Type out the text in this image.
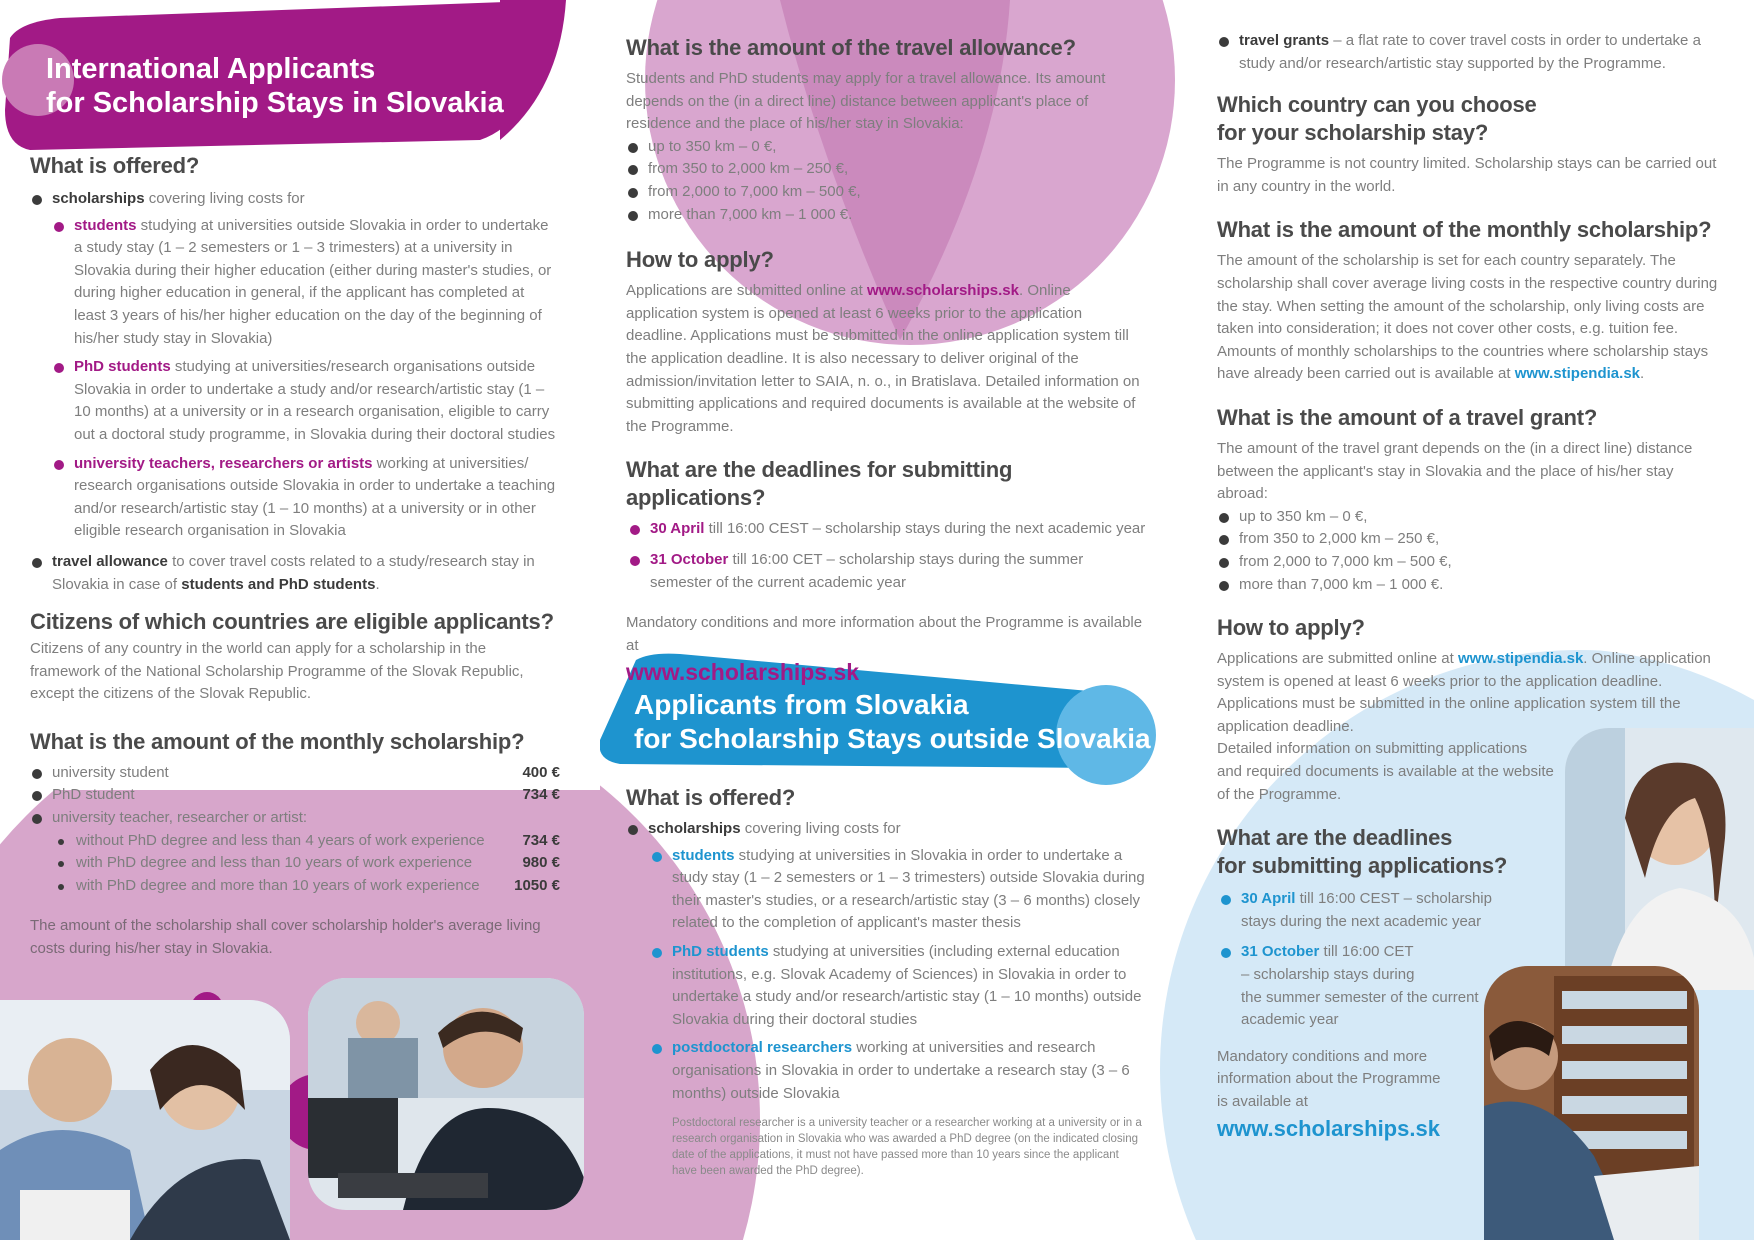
International Applicants
for Scholarship Stays in Slovakia
What is offered?
scholarships covering living costs for
students studying at universities outside Slovakia in order to undertake a study stay (1 – 2 semesters or 1 – 3 trimesters) at a university in Slovakia during their higher education (either during master's studies, or during higher education in general, if the applicant has completed at least 3 years of his/her higher education on the day of the beginning of his/her study stay in Slovakia)
PhD students studying at universities/research organisations outside Slovakia in order to undertake a study and/or research/artistic stay (1 – 10 months) at a university or in a research organisation, eligible to carry out a doctoral study programme, in Slovakia during their doctoral studies
university teachers, researchers or artists working at universities/ research organisations outside Slovakia in order to undertake a teaching and/or research/artistic stay (1 – 10 months) at a university or in other eligible research organisation in Slovakia
travel allowance to cover travel costs related to a study/research stay in Slovakia in case of students and PhD students.
Citizens of which countries are eligible applicants?

Citizens of any country in the world can apply for a scholarship in the framework of the National Scholarship Programme of the Slovak Republic, except the citizens of the Slovak Republic.

What is the amount of the monthly scholarship?
university student	400 €
PhD student	734 €
university teacher, researcher or artist:
without PhD degree and less than 4 years of work experience	734 €
with PhD degree and less than 10 years of work experience	980 €
with PhD degree and more than 10 years of work experience 1050 €

The amount of the scholarship shall cover scholarship holder's average living costs during his/her stay in Slovakia.

What is the amount of the travel allowance?

Students and PhD students may apply for a travel allowance. Its amount depends on the (in a direct line) distance between applicant's place of residence and the place of his/her stay in Slovakia:

up to 350 km – 0 €,
from 350 to 2,000 km – 250 €,
from 2,000 to 7,000 km – 500 €,
more than 7,000 km – 1 000 €.
How to apply?

Applications are submitted online at www.scholarships.sk. Online application system is opened at least 6 weeks prior to the application deadline. Applications must be submitted in the online application system till the application deadline. It is also necessary to deliver original of the admission/invitation letter to SAIA, n. o., in Bratislava. Detailed information on submitting applications and required documents is available at the website of the Programme.

What are the deadlines for submitting applications?
30 April till 16:00 CEST – scholarship stays during the next academic year
31 October till 16:00 CET – scholarship stays during the summer semester of the current academic year

Mandatory conditions and more information about the Programme is available at

www.scholarships.sk
Applicants from Slovakia
for Scholarship Stays outside Slovakia
What is offered?
scholarships covering living costs for
students studying at universities in Slovakia in order to undertake a study stay (1 – 2 semesters or 1 – 3 trimesters) outside Slovakia during their master's studies, or a research/artistic stay (3 – 6 months) closely related to the completion of applicant's master thesis
PhD students studying at universities (including external education institutions, e.g. Slovak Academy of Sciences) in Slovakia in order to undertake a study and/or research/artistic stay (1 – 10 months) outside Slovakia during their doctoral studies
postdoctoral researchers working at universities and research organisations in Slovakia in order to undertake a research stay (3 – 6 months) outside Slovakia

Postdoctoral researcher is a university teacher or a researcher working at a university or in a research organisation in Slovakia who was awarded a PhD degree (on the indicated closing date of the applications, it must not have passed more than 10 years since the applicant have been awarded the PhD degree).

travel grants – a flat rate to cover travel costs in order to undertake a study and/or research/artistic stay supported by the Programme.
Which country can you choose
for your scholarship stay?

The Programme is not country limited. Scholarship stays can be carried out in any country in the world.

What is the amount of the monthly scholarship?

The amount of the scholarship is set for each country separately. The scholarship shall cover average living costs in the respective country during the stay. When setting the amount of the scholarship, only living costs are taken into consideration; it does not cover other costs, e.g. tuition fee. Amounts of monthly scholarships to the countries where scholarship stays have already been carried out is available at www.stipendia.sk.

What is the amount of a travel grant?

The amount of the travel grant depends on the (in a direct line) distance between the applicant's stay in Slovakia and the place of his/her stay abroad:

up to 350 km – 0 €,
from 350 to 2,000 km – 250 €,
from 2,000 to 7,000 km – 500 €,
more than 7,000 km – 1 000 €.
How to apply?

Applications are submitted online at www.stipendia.sk. Online application system is opened at least 6 weeks prior to the application deadline. Applications must be submitted in the online application system till the application deadline.
Detailed information on submitting applications
and required documents is available at the website
of the Programme.

What are the deadlines
for submitting applications?
30 April till 16:00 CEST – scholarship
stays during the next academic year
31 October till 16:00 CET
– scholarship stays during
the summer semester of the current
academic year

Mandatory conditions and more
information about the Programme
is available at

www.scholarships.sk
